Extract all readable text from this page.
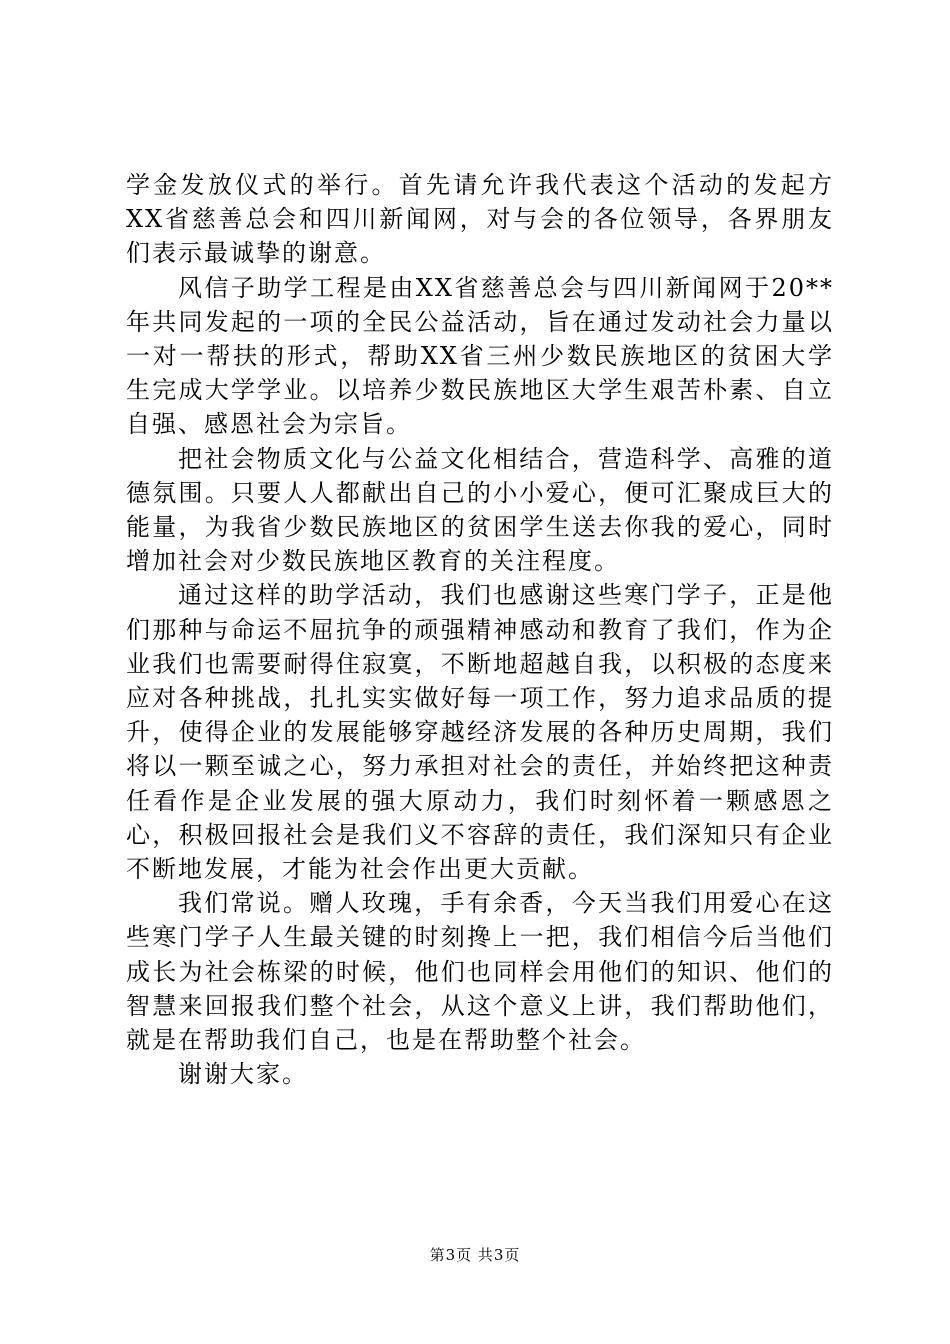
学金发放仪式的举行。首先请允许我代表这个活动的发起方XX省慈善总会和四川新闻网，对与会的各位领导，各界朋友们表示最诚挚的谢意。

风信子助学工程是由XX省慈善总会与四川新闻网于20**年共同发起的一项的全民公益活动，旨在通过发动社会力量以一对一帮扶的形式，帮助XX省三州少数民族地区的贫困大学生完成大学学业。以培养少数民族地区大学生艰苦朴素、自立自强、感恩社会为宗旨。

把社会物质文化与公益文化相结合，营造科学、高雅的道德氛围。只要人人都献出自己的小小爱心，便可汇聚成巨大的能量，为我省少数民族地区的贫困学生送去你我的爱心，同时增加社会对少数民族地区教育的关注程度。

通过这样的助学活动，我们也感谢这些寒门学子，正是他们那种与命运不屈抗争的顽强精神感动和教育了我们，作为企业我们也需要耐得住寂寞，不断地超越自我，以积极的态度来应对各种挑战，扎扎实实做好每一项工作，努力追求品质的提升，使得企业的发展能够穿越经济发展的各种历史周期，我们将以一颗至诚之心，努力承担对社会的责任，并始终把这种责任看作是企业发展的强大原动力，我们时刻怀着一颗感恩之心，积极回报社会是我们义不容辞的责任，我们深知只有企业不断地发展，才能为社会作出更大贡献。

我们常说。赠人玫瑰，手有余香，今天当我们用爱心在这些寒门学子人生最关键的时刻搀上一把，我们相信今后当他们成长为社会栋梁的时候，他们也同样会用他们的知识、他们的智慧来回报我们整个社会，从这个意义上讲，我们帮助他们，就是在帮助我们自己，也是在帮助整个社会。

谢谢大家。

第3页 共3页
